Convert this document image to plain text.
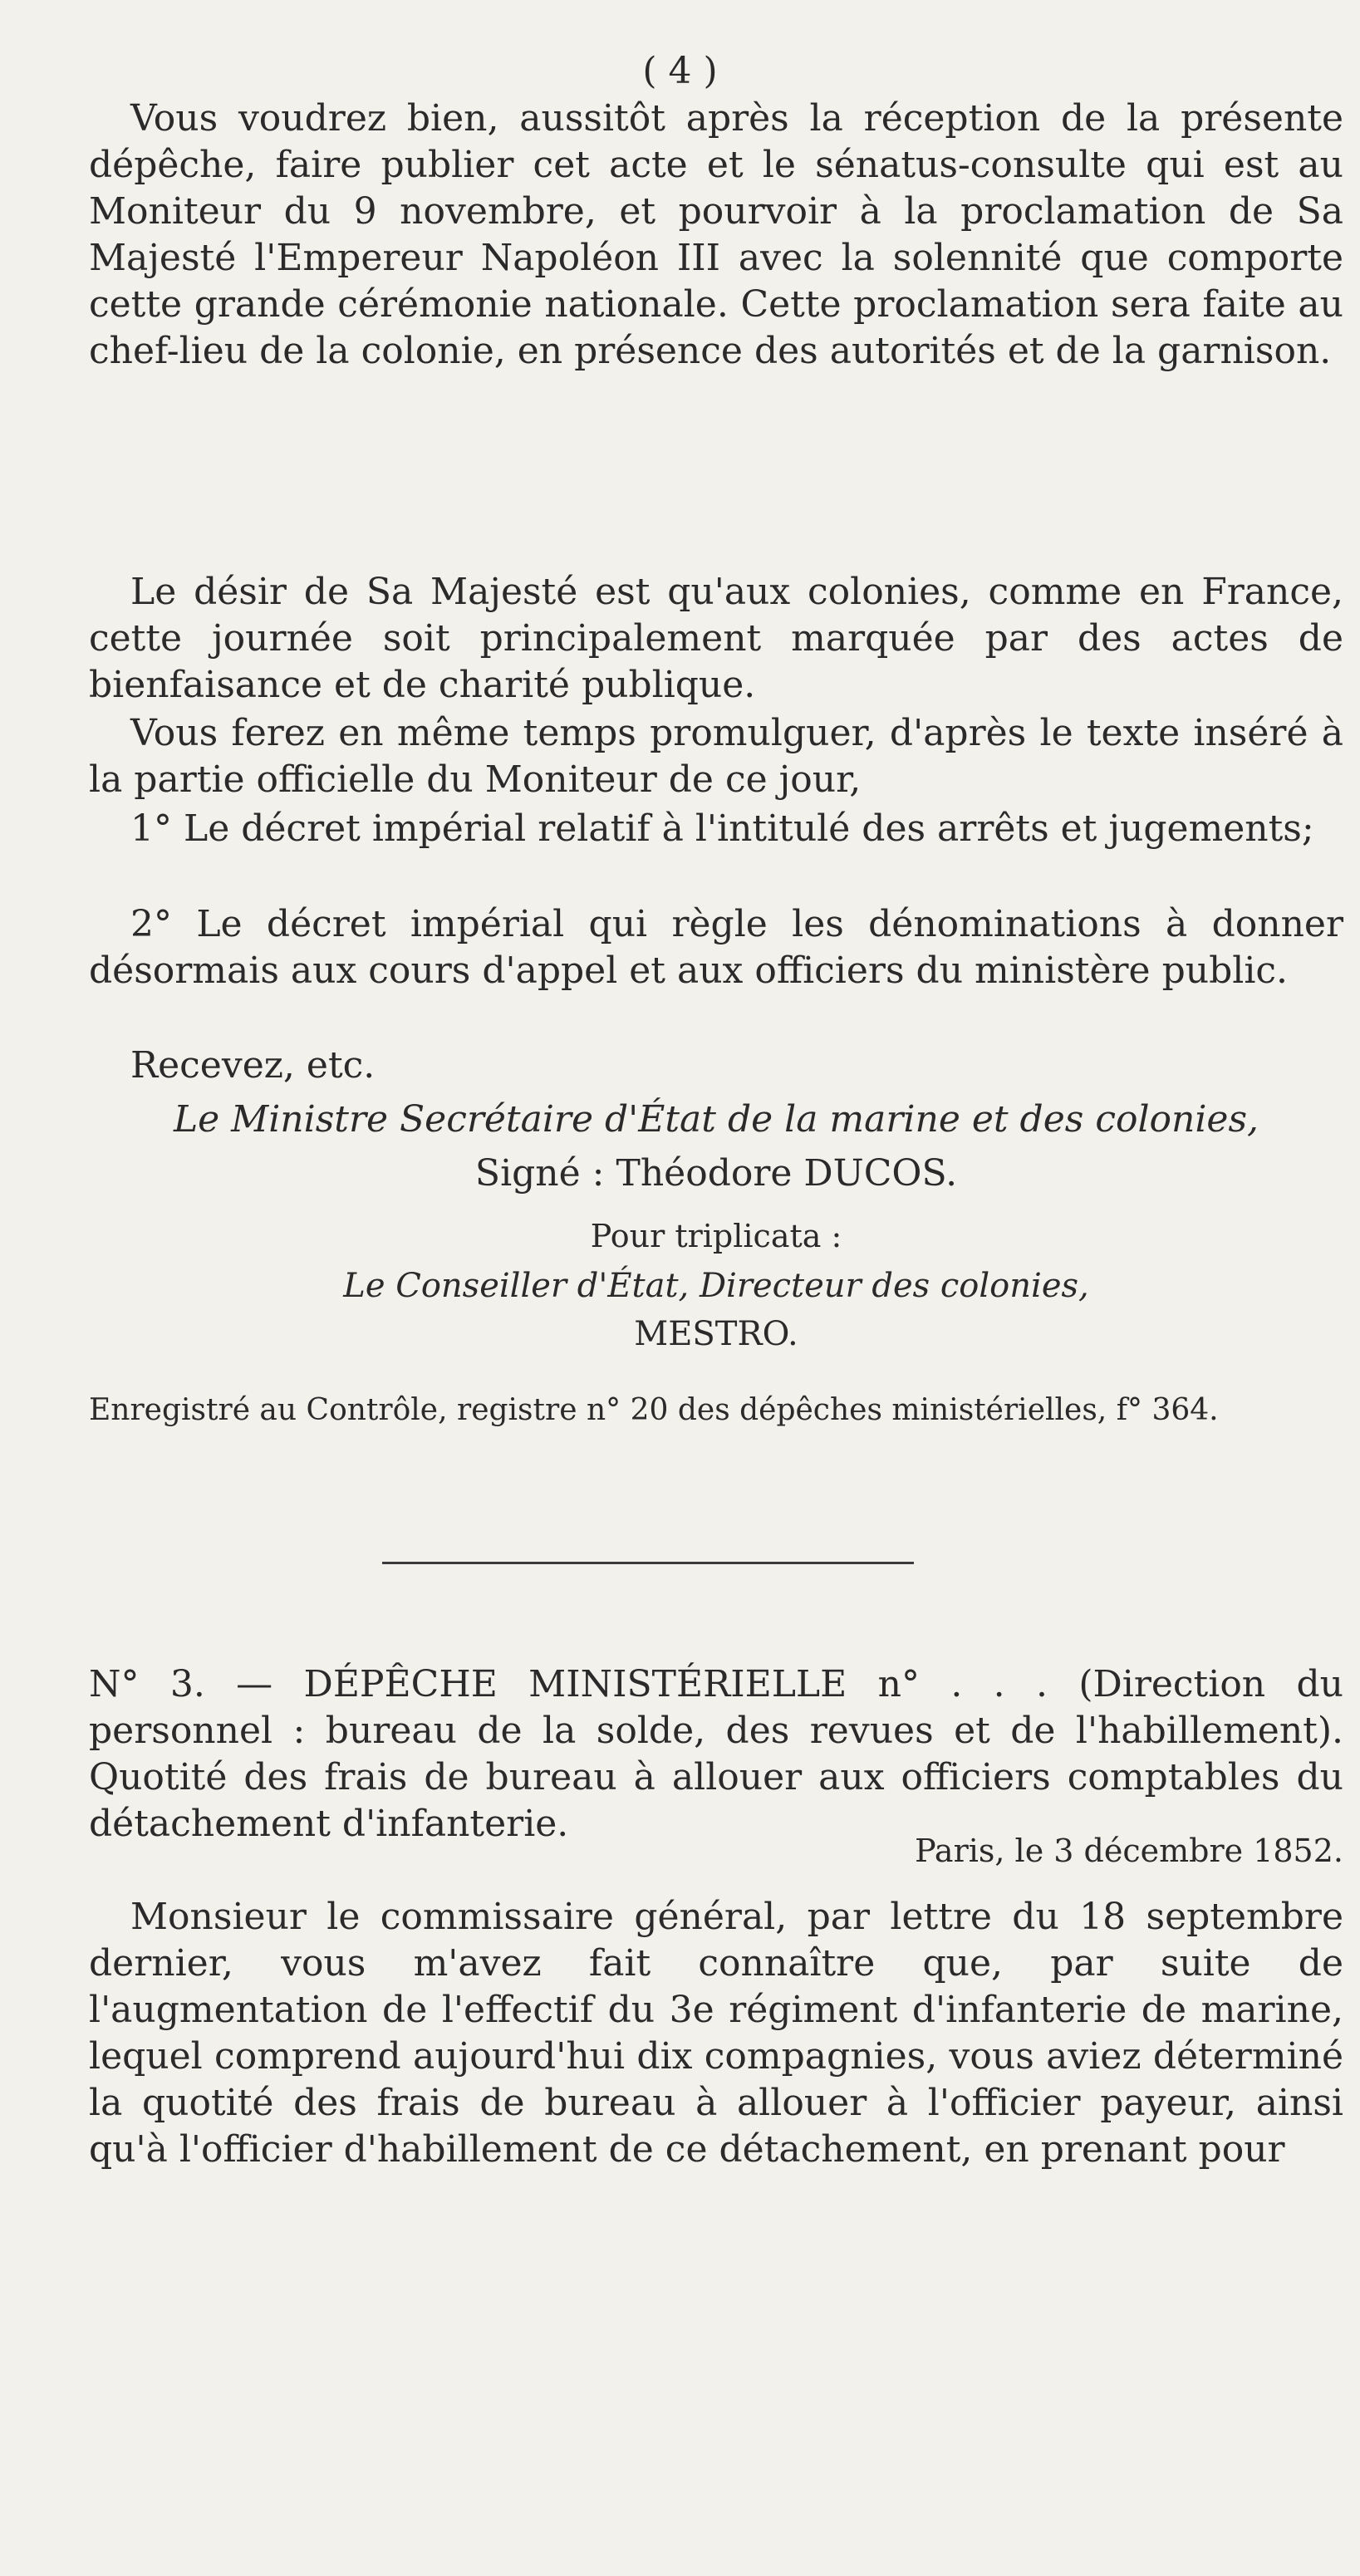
( 4 )

Vous voudrez bien, aussitôt après la réception de la présente dépêche, faire publier cet acte et le sénatus-consulte qui est au Moniteur du 9 novembre, et pourvoir à la proclamation de Sa Majesté l'Empereur Napoléon III avec la solennité que comporte cette grande cérémonie nationale. Cette proclamation sera faite au chef-lieu de la colonie, en présence des autorités et de la garnison.

Le désir de Sa Majesté est qu'aux colonies, comme en France, cette journée soit principalement marquée par des actes de bienfaisance et de charité publique.

Vous ferez en même temps promulguer, d'après le texte inséré à la partie officielle du Moniteur de ce jour,

1° Le décret impérial relatif à l'intitulé des arrêts et jugements;

2° Le décret impérial qui règle les dénominations à donner désormais aux cours d'appel et aux officiers du ministère public.

Recevez, etc.

Le Ministre Secrétaire d'État de la marine et des colonies,

Signé : Théodore DUCOS.

Pour triplicata :

Le Conseiller d'État, Directeur des colonies,

MESTRO.

Enregistré au Contrôle, registre n° 20 des dépêches ministérielles, f° 364.

N° 3. — DÉPÊCHE MINISTÉRIELLE n° . . . (Direction du personnel : bureau de la solde, des revues et de l'habillement). Quotité des frais de bureau à allouer aux officiers comptables du détachement d'infanterie.

Paris, le 3 décembre 1852.

Monsieur le commissaire général, par lettre du 18 septembre dernier, vous m'avez fait connaître que, par suite de l'augmentation de l'effectif du 3e régiment d'infanterie de marine, lequel comprend aujourd'hui dix compagnies, vous aviez déterminé la quotité des frais de bureau à allouer à l'officier payeur, ainsi qu'à l'officier d'habillement de ce détachement, en prenant pour
